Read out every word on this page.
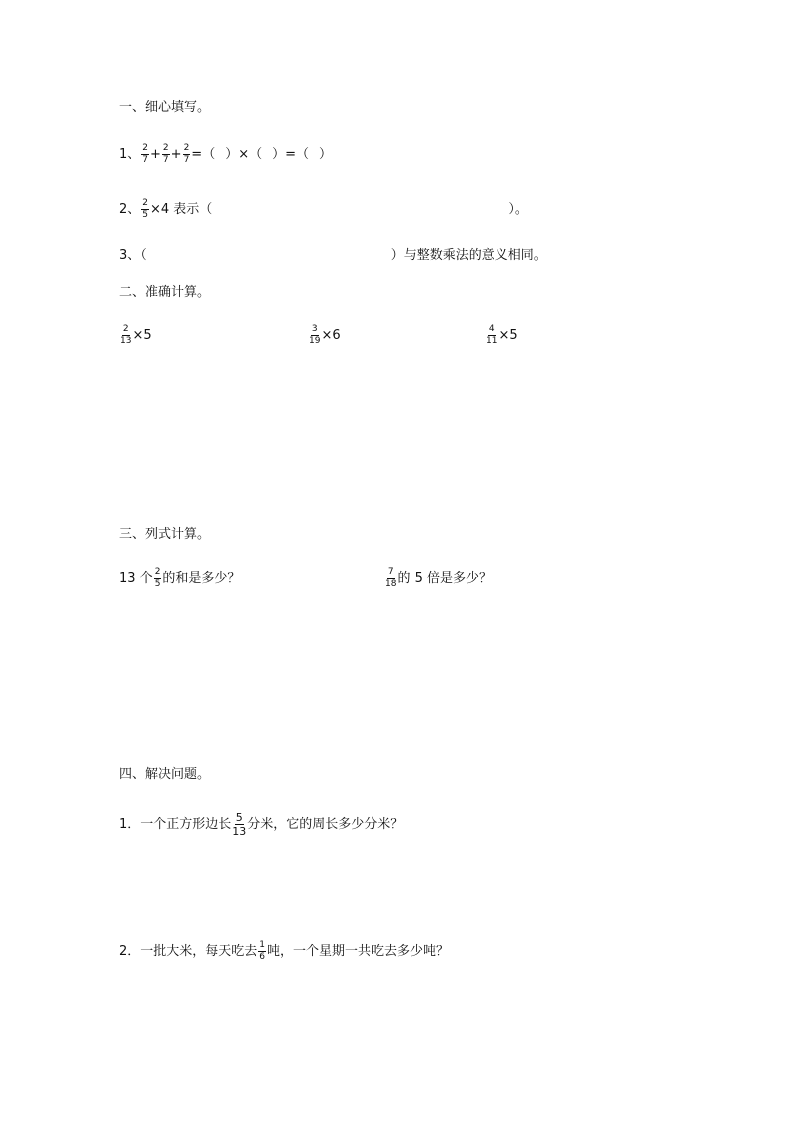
一、细心填写。
1、 $\frac{2}{7} + \frac{2}{7} + \frac{2}{7}$ =（ ）×（ ）=（ ）
2、 $\frac{2}{5} \times 4$ 表示（	）。
3、（	）与整数乘法的意义相同。
二、准确计算。
$\frac{2}{13} \times 5$	$\frac{3}{19} \times 6$	$\frac{4}{11} \times 5$
三、列式计算。
13 个 $\frac{2}{5}$ 的和是多少？	$\frac{7}{18}$ 的 5 倍是多少？
四、解决问题。
1．一个正方形边长 $\frac{5}{13}$ 分米，它的周长多少分米？
2．一批大米，每天吃去 $\frac{1}{6}$ 吨，一个星期一共吃去多少吨？
